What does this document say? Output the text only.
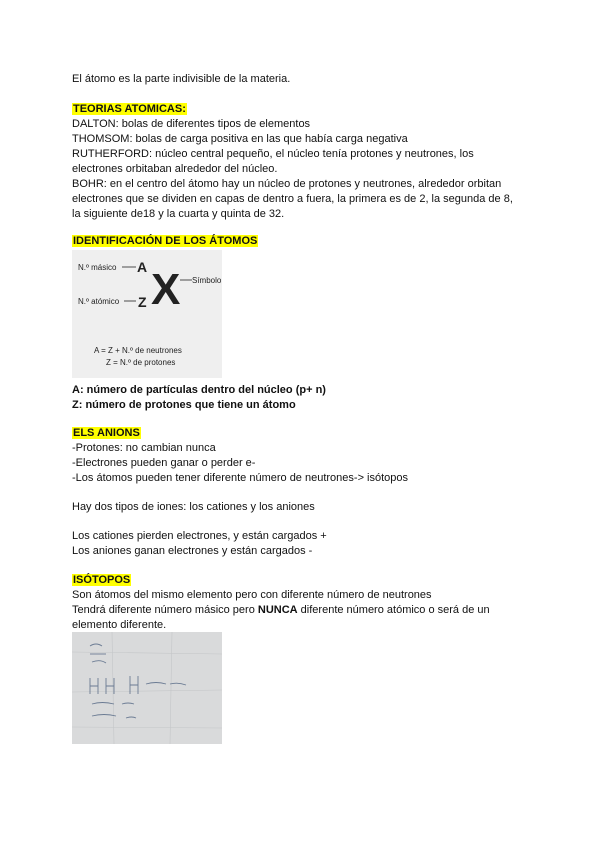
El átomo es la parte indivisible de la materia.
TEORIAS ATOMICAS:
DALTON: bolas de diferentes tipos de elementos
THOMSOM: bolas de carga positiva en las que había carga negativa
RUTHERFORD: núcleo central pequeño, el núcleo tenía protones y neutrones, los
electrones orbitaban alrededor del núcleo.
BOHR: en el centro del átomo hay un núcleo de protones y neutrones, alrededor orbitan
electrones que se dividen en capas de dentro a fuera, la primera es de 2, la segunda de 8,
la siguiente de18 y la cuarta y quinta de 32.
IDENTIFICACIÓN DE LOS ÁTOMOS
N.º másico A
N.º atómico Z X Símbolo
A = Z + N.º de neutrones
Z = N.º de protones
A: número de partículas dentro del núcleo (p+ n)
Z: número de protones que tiene un átomo
ELS ANIONS
-Protones: no cambian nunca
-Electrones pueden ganar o perder e-
-Los átomos pueden tener diferente número de neutrones-> isótopos
Hay dos tipos de iones: los cationes y los aniones
Los cationes pierden electrones, y están cargados +
Los aniones ganan electrones y están cargados -
ISÓTOPOS
Son átomos del mismo elemento pero con diferente número de neutrones
Tendrá diferente número másico pero NUNCA diferente número atómico o será de un
elemento diferente.
